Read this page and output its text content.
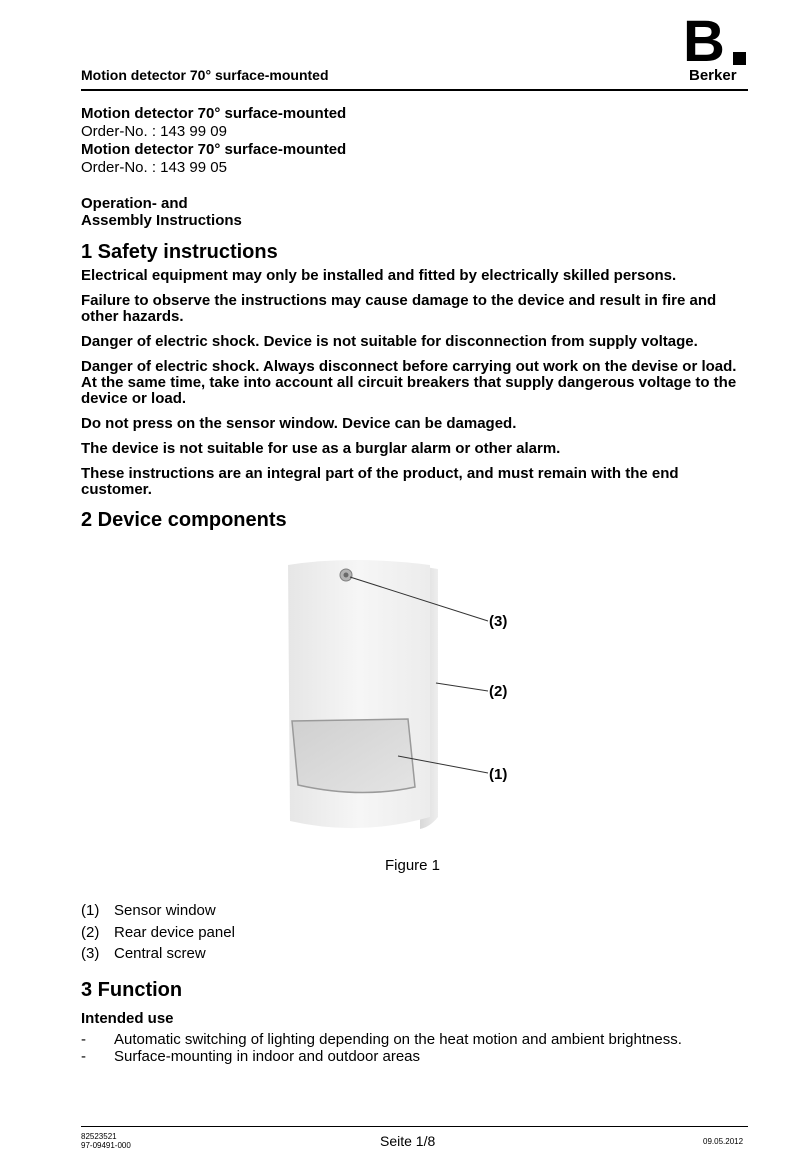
Motion detector 70° surface-mounted
B
Berker
Motion detector 70° surface-mounted
Order-No. : 143 99 09
Motion detector 70° surface-mounted
Order-No. : 143 99 05
Operation- and
Assembly Instructions
1 Safety instructions

Electrical equipment may only be installed and fitted by electrically skilled persons.

Failure to observe the instructions may cause damage to the device and result in fire and other hazards.

Danger of electric shock. Device is not suitable for disconnection from supply voltage.

Danger of electric shock. Always disconnect before carrying out work on the devise or load. At the same time, take into account all circuit breakers that supply dangerous voltage to the device or load.

Do not press on the sensor window. Device can be damaged.

The device is not suitable for use as a burglar alarm or other alarm.

These instructions are an integral part of the product, and must remain with the end customer.

2 Device components
(3)
(2)
(1)
Figure 1
(1) Sensor window
(2) Rear device panel
(3) Central screw
3 Function
Intended use
-	Automatic switching of lighting depending on the heat motion and ambient brightness.
-	Surface-mounting in indoor and outdoor areas
82523521
97-09491-000	Seite 1/8	09.05.2012
